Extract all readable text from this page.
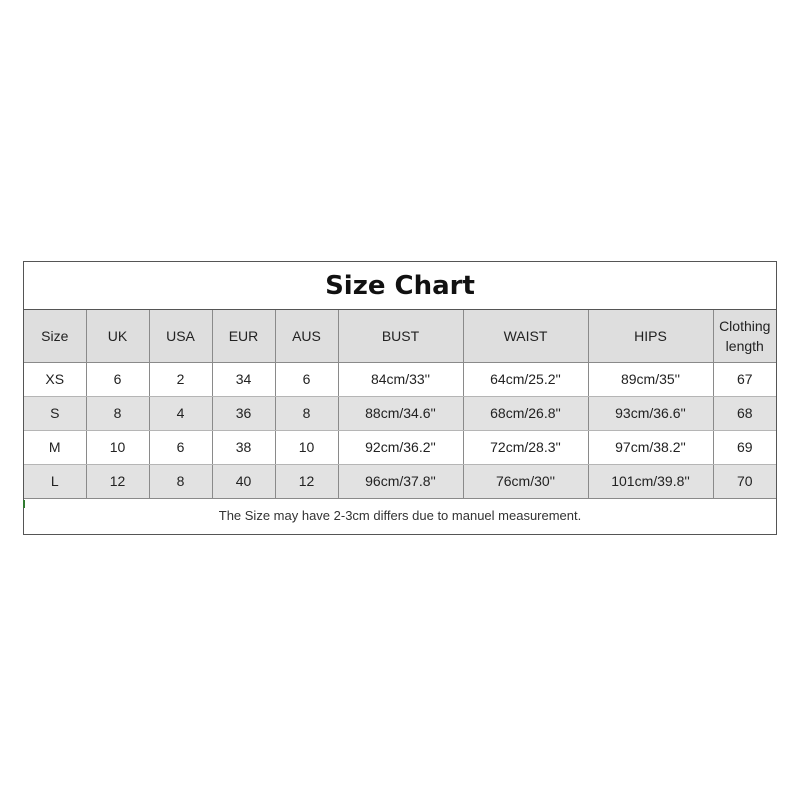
Size Chart
Size	UK	USA	EUR	AUS	BUST	WAIST	HIPS	Clothing length
XS	6	2	34	6	84cm/33''	64cm/25.2''	89cm/35''	67
S	8	4	36	8	88cm/34.6''	68cm/26.8''	93cm/36.6''	68
M	10	6	38	10	92cm/36.2''	72cm/28.3''	97cm/38.2''	69
L	12	8	40	12	96cm/37.8''	76cm/30''	101cm/39.8''	70
The Size may have 2-3cm differs due to manuel measurement.
